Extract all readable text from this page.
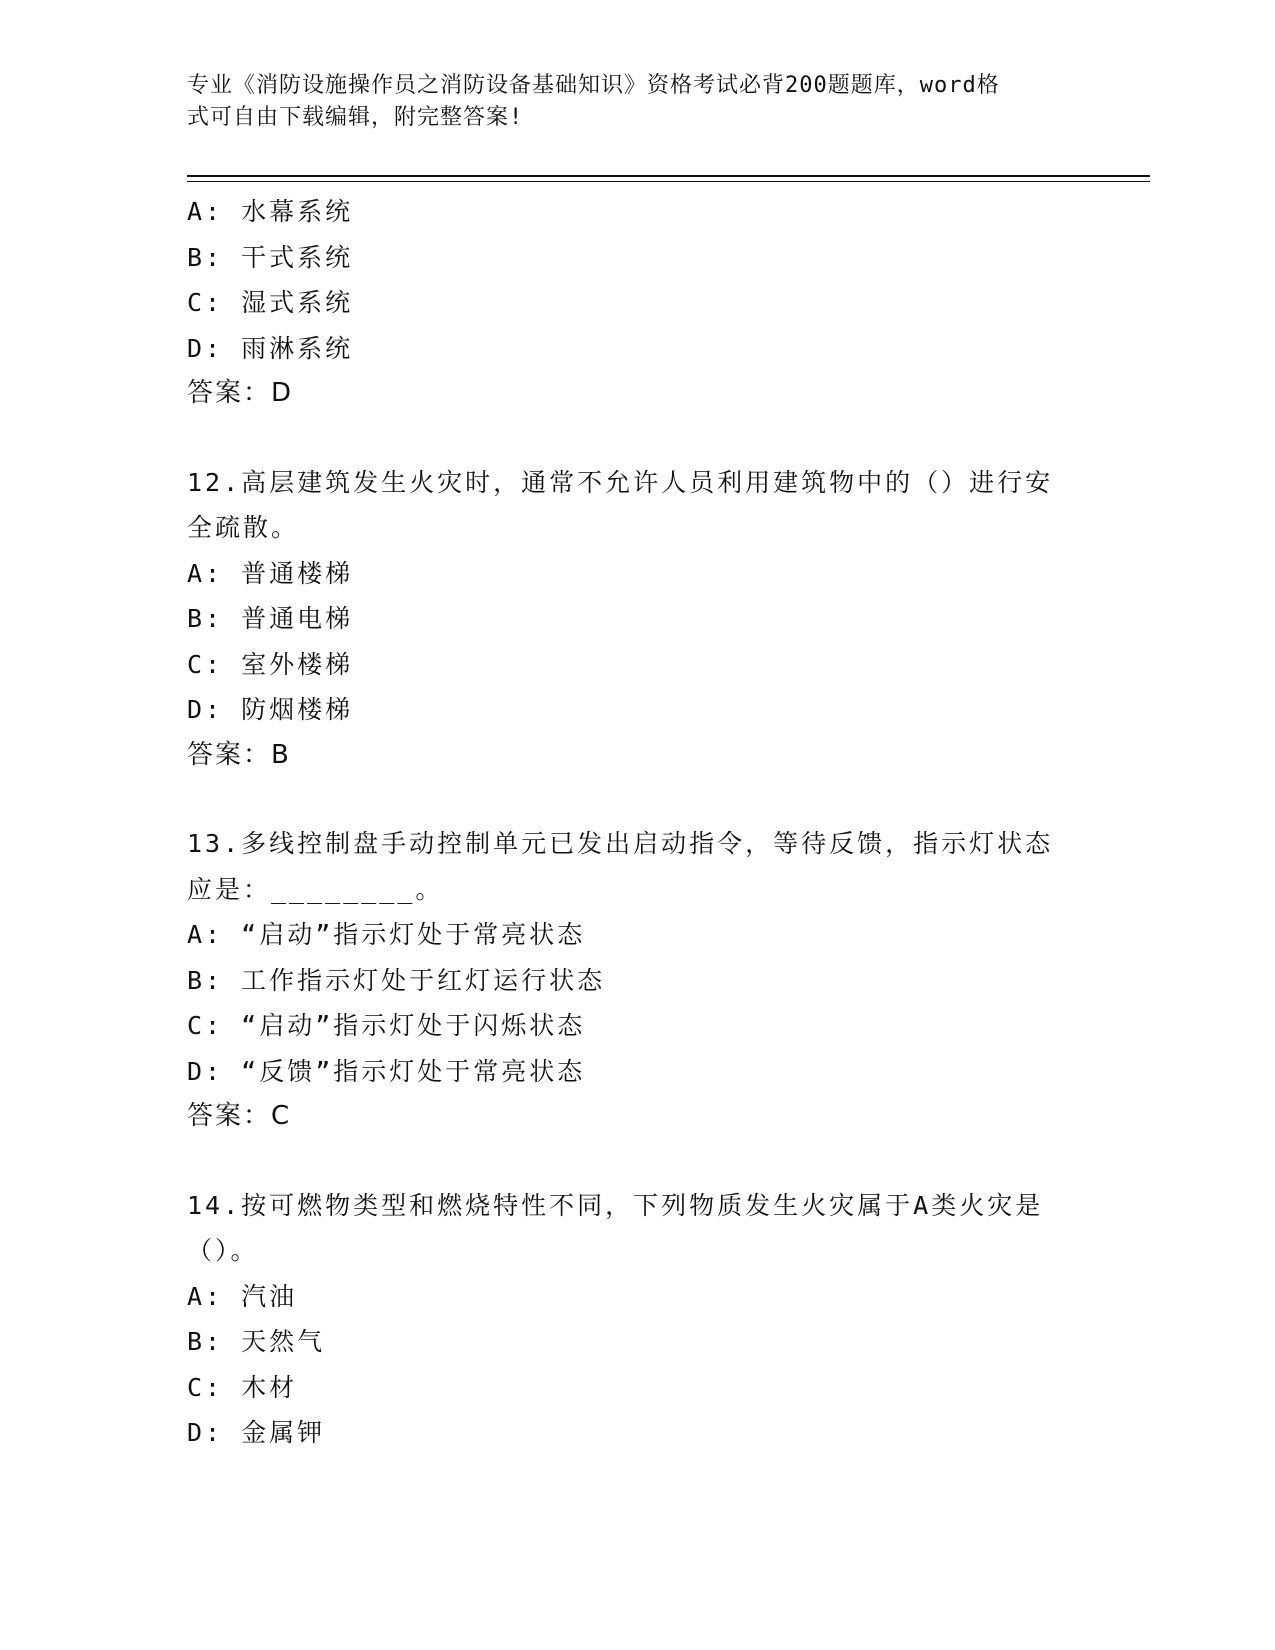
专业《消防设施操作员之消防设备基础知识》资格考试必背200题题库，word格
式可自由下载编辑，附完整答案!
A: 水幕系统
B: 干式系统
C: 湿式系统
D: 雨淋系统
答案：D
12.高层建筑发生火灾时，通常不允许人员利用建筑物中的（）进行安
全疏散。
A: 普通楼梯
B: 普通电梯
C: 室外楼梯
D: 防烟楼梯
答案：B
13.多线控制盘手动控制单元已发出启动指令，等待反馈，指示灯状态
应是：________。
A: “启动”指示灯处于常亮状态
B: 工作指示灯处于红灯运行状态
C: “启动”指示灯处于闪烁状态
D: “反馈”指示灯处于常亮状态
答案：C
14.按可燃物类型和燃烧特性不同，下列物质发生火灾属于A类火灾是
（）。
A: 汽油
B: 天然气
C: 木材
D: 金属钾
